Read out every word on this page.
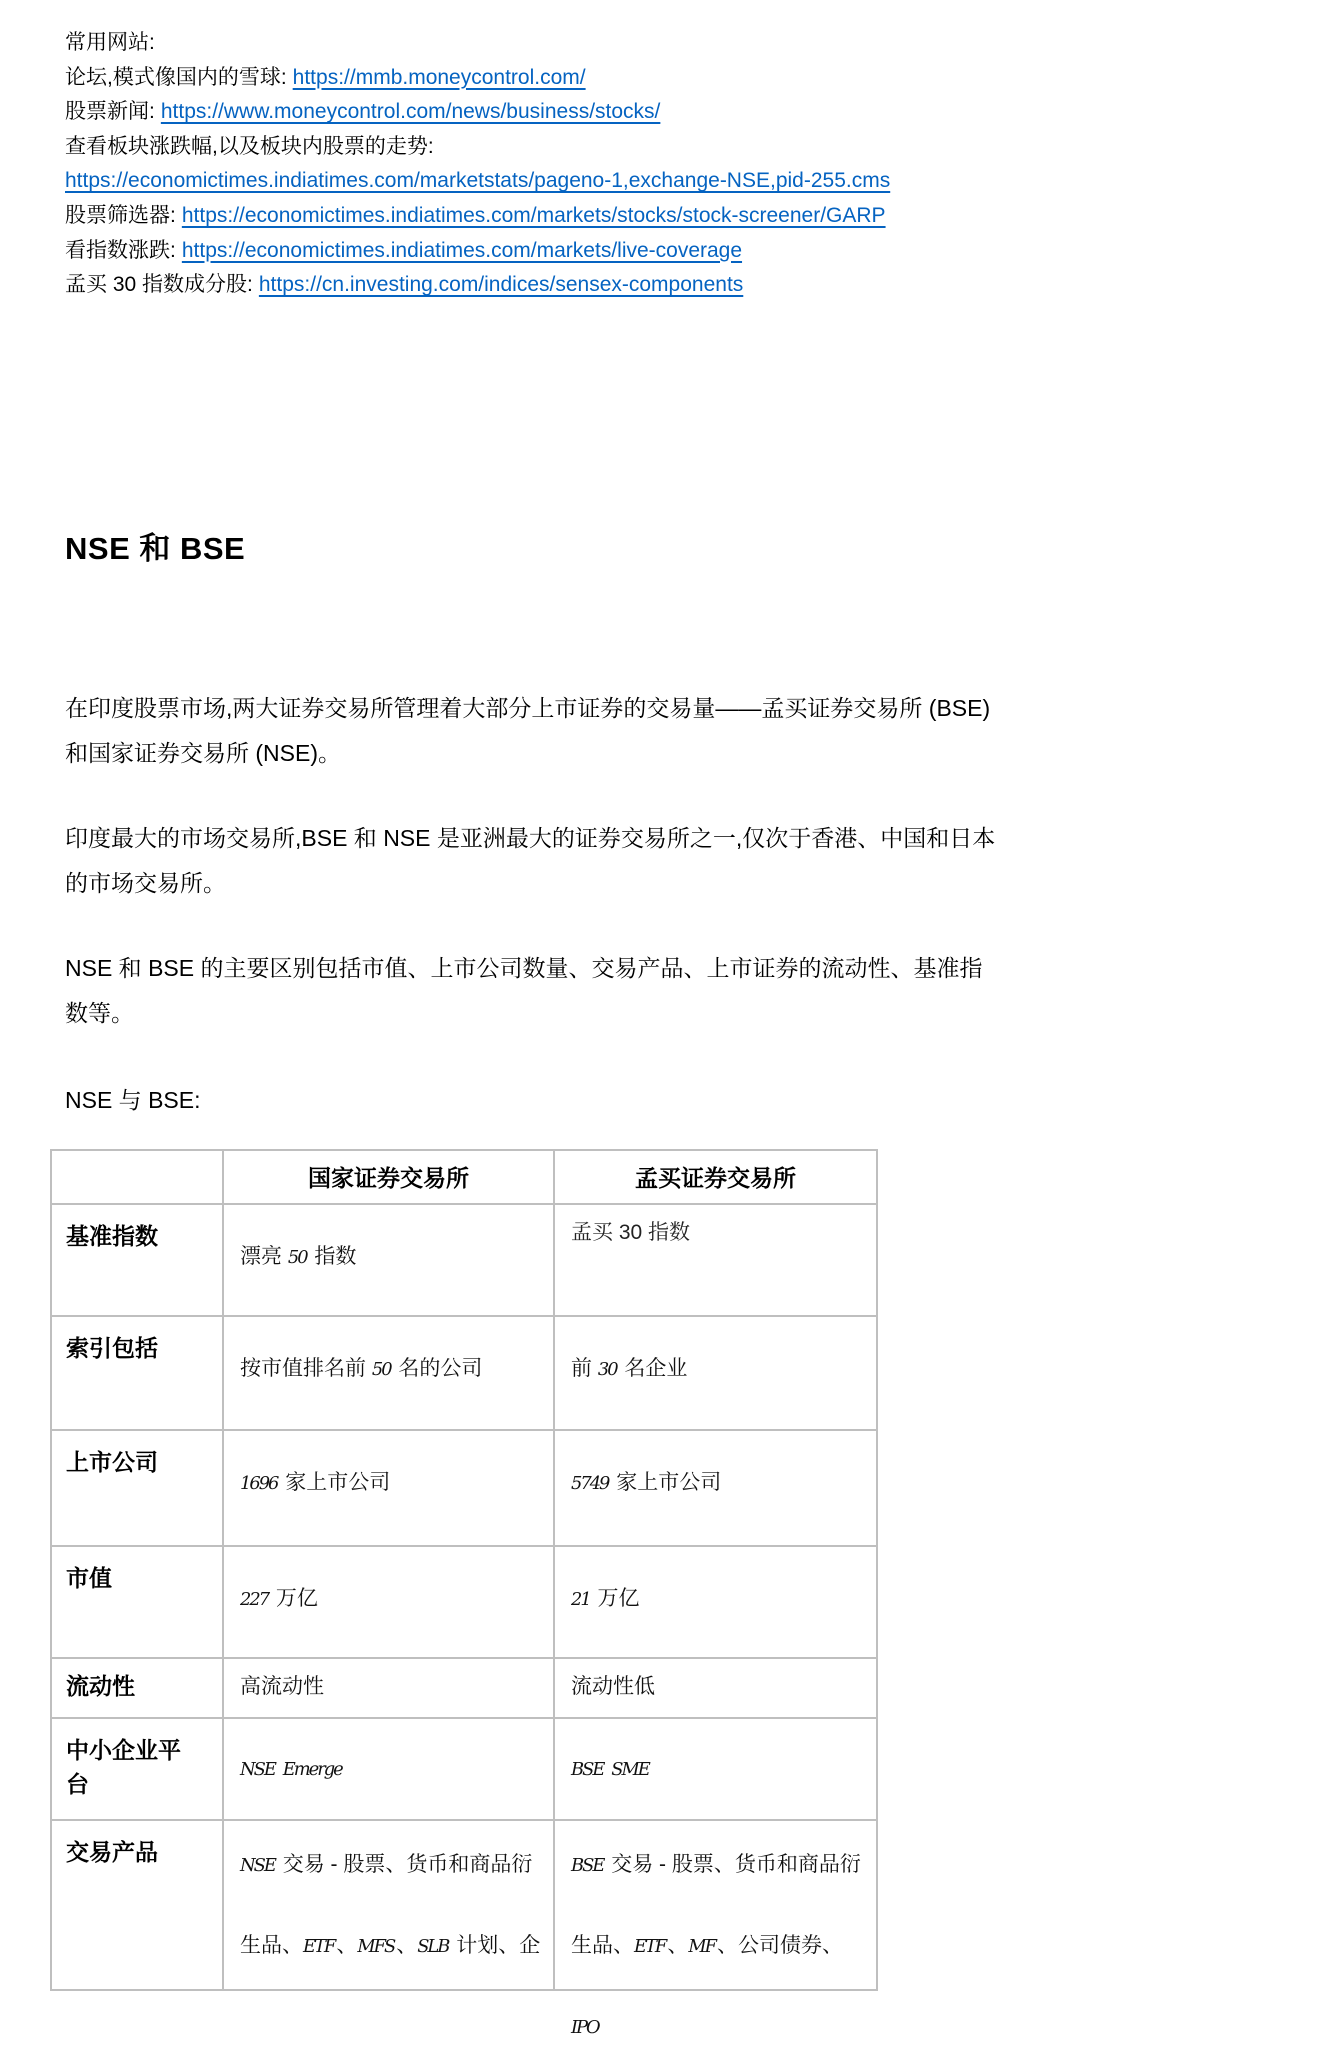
常用网站:
论坛,模式像国内的雪球: https://mmb.moneycontrol.com/
股票新闻: https://www.moneycontrol.com/news/business/stocks/
查看板块涨跌幅,以及板块内股票的走势:
https://economictimes.indiatimes.com/marketstats/pageno-1,exchange-NSE,pid-255.cms
股票筛选器: https://economictimes.indiatimes.com/markets/stocks/stock-screener/GARP
看指数涨跌: https://economictimes.indiatimes.com/markets/live-coverage
孟买 30 指数成分股: https://cn.investing.com/indices/sensex-components
NSE 和 BSE
在印度股票市场,两大证券交易所管理着大部分上市证券的交易量——孟买证券交易所 (BSE) 和国家证券交易所 (NSE)。
印度最大的市场交易所,BSE 和 NSE 是亚洲最大的证券交易所之一,仅次于香港、中国和日本的市场交易所。
NSE 和 BSE 的主要区别包括市值、上市公司数量、交易产品、上市证券的流动性、基准指数等。
NSE 与 BSE:
	国家证券交易所	孟买证券交易所
基准指数	漂亮 50 指数	孟买 30 指数
索引包括	按市值排名前 50 名的公司	前 30 名企业
上市公司	1696 家上市公司	5749 家上市公司
市值	227 万亿	21 万亿
流动性	高流动性	流动性低
中小企业平台	NSE Emerge	BSE SME
交易产品	NSE 交易 - 股票、货币和商品衍生品、ETF、MFS、SLB 计划、企	BSE 交易 - 股票、货币和商品衍生品、ETF、MF、公司债券、IPO
